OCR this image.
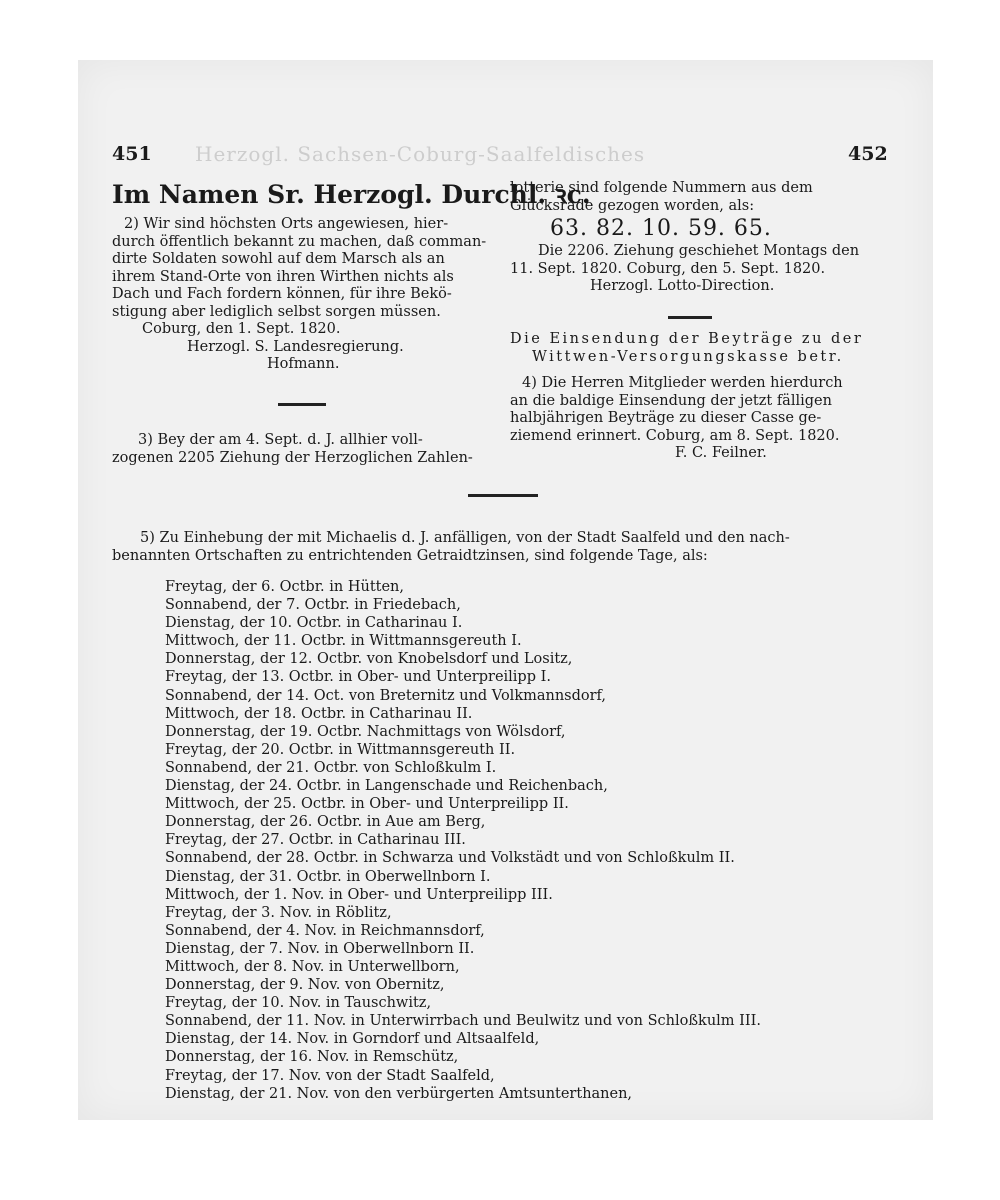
Herzogl. Sachsen-Coburg-Saalfeldisches
451	452
Im Namen Sr. Herzogl. Durchl. ꝛc.

2) Wir sind höchsten Orts angewiesen, hier-

durch öffentlich bekannt zu machen, daß comman-

dirte Soldaten sowohl auf dem Marsch als an

ihrem Stand-Orte von ihren Wirthen nichts als

Dach und Fach fordern können, für ihre Bekö-

stigung aber lediglich selbst sorgen müssen.

Coburg, den 1. Sept. 1820.

Herzogl. S. Landesregierung.

Hofmann.

3) Bey der am 4. Sept. d. J. allhier voll-

zogenen 2205 Ziehung der Herzoglichen Zahlen-

lotterie sind folgende Nummern aus dem

Glücksrade gezogen worden, als:

63. 82. 10. 59. 65.

Die 2206. Ziehung geschiehet Montags den

11. Sept. 1820. Coburg, den 5. Sept. 1820.

Herzogl. Lotto-Direction.

Die Einsendung der Beyträge zu der

Wittwen-Versorgungskasse betr.

4) Die Herren Mitglieder werden hierdurch

an die baldige Einsendung der jetzt fälligen

halbjährigen Beyträge zu dieser Casse ge-

ziemend erinnert. Coburg, am 8. Sept. 1820.

F. C. Feilner.

5) Zu Einhebung der mit Michaelis d. J. anfälligen, von der Stadt Saalfeld und den nach-

benannten Ortschaften zu entrichtenden Getraidtzinsen, sind folgende Tage, als:

Freytag, der 6. Octbr. in Hütten,

Sonnabend, der 7. Octbr. in Friedebach,

Dienstag, der 10. Octbr. in Catharinau I.

Mittwoch, der 11. Octbr. in Wittmannsgereuth I.

Donnerstag, der 12. Octbr. von Knobelsdorf und Lositz,

Freytag, der 13. Octbr. in Ober- und Unterpreilipp I.

Sonnabend, der 14. Oct. von Breternitz und Volkmannsdorf,

Mittwoch, der 18. Octbr. in Catharinau II.

Donnerstag, der 19. Octbr. Nachmittags von Wölsdorf,

Freytag, der 20. Octbr. in Wittmannsgereuth II.

Sonnabend, der 21. Octbr. von Schloßkulm I.

Dienstag, der 24. Octbr. in Langenschade und Reichenbach,

Mittwoch, der 25. Octbr. in Ober- und Unterpreilipp II.

Donnerstag, der 26. Octbr. in Aue am Berg,

Freytag, der 27. Octbr. in Catharinau III.

Sonnabend, der 28. Octbr. in Schwarza und Volkstädt und von Schloßkulm II.

Dienstag, der 31. Octbr. in Oberwellnborn I.

Mittwoch, der 1. Nov. in Ober- und Unterpreilipp III.

Freytag, der 3. Nov. in Röblitz,

Sonnabend, der 4. Nov. in Reichmannsdorf,

Dienstag, der 7. Nov. in Oberwellnborn II.

Mittwoch, der 8. Nov. in Unterwellborn,

Donnerstag, der 9. Nov. von Obernitz,

Freytag, der 10. Nov. in Tauschwitz,

Sonnabend, der 11. Nov. in Unterwirrbach und Beulwitz und von Schloßkulm III.

Dienstag, der 14. Nov. in Gorndorf und Altsaalfeld,

Donnerstag, der 16. Nov. in Remschütz,

Freytag, der 17. Nov. von der Stadt Saalfeld,

Dienstag, der 21. Nov. von den verbürgerten Amtsunterthanen,
